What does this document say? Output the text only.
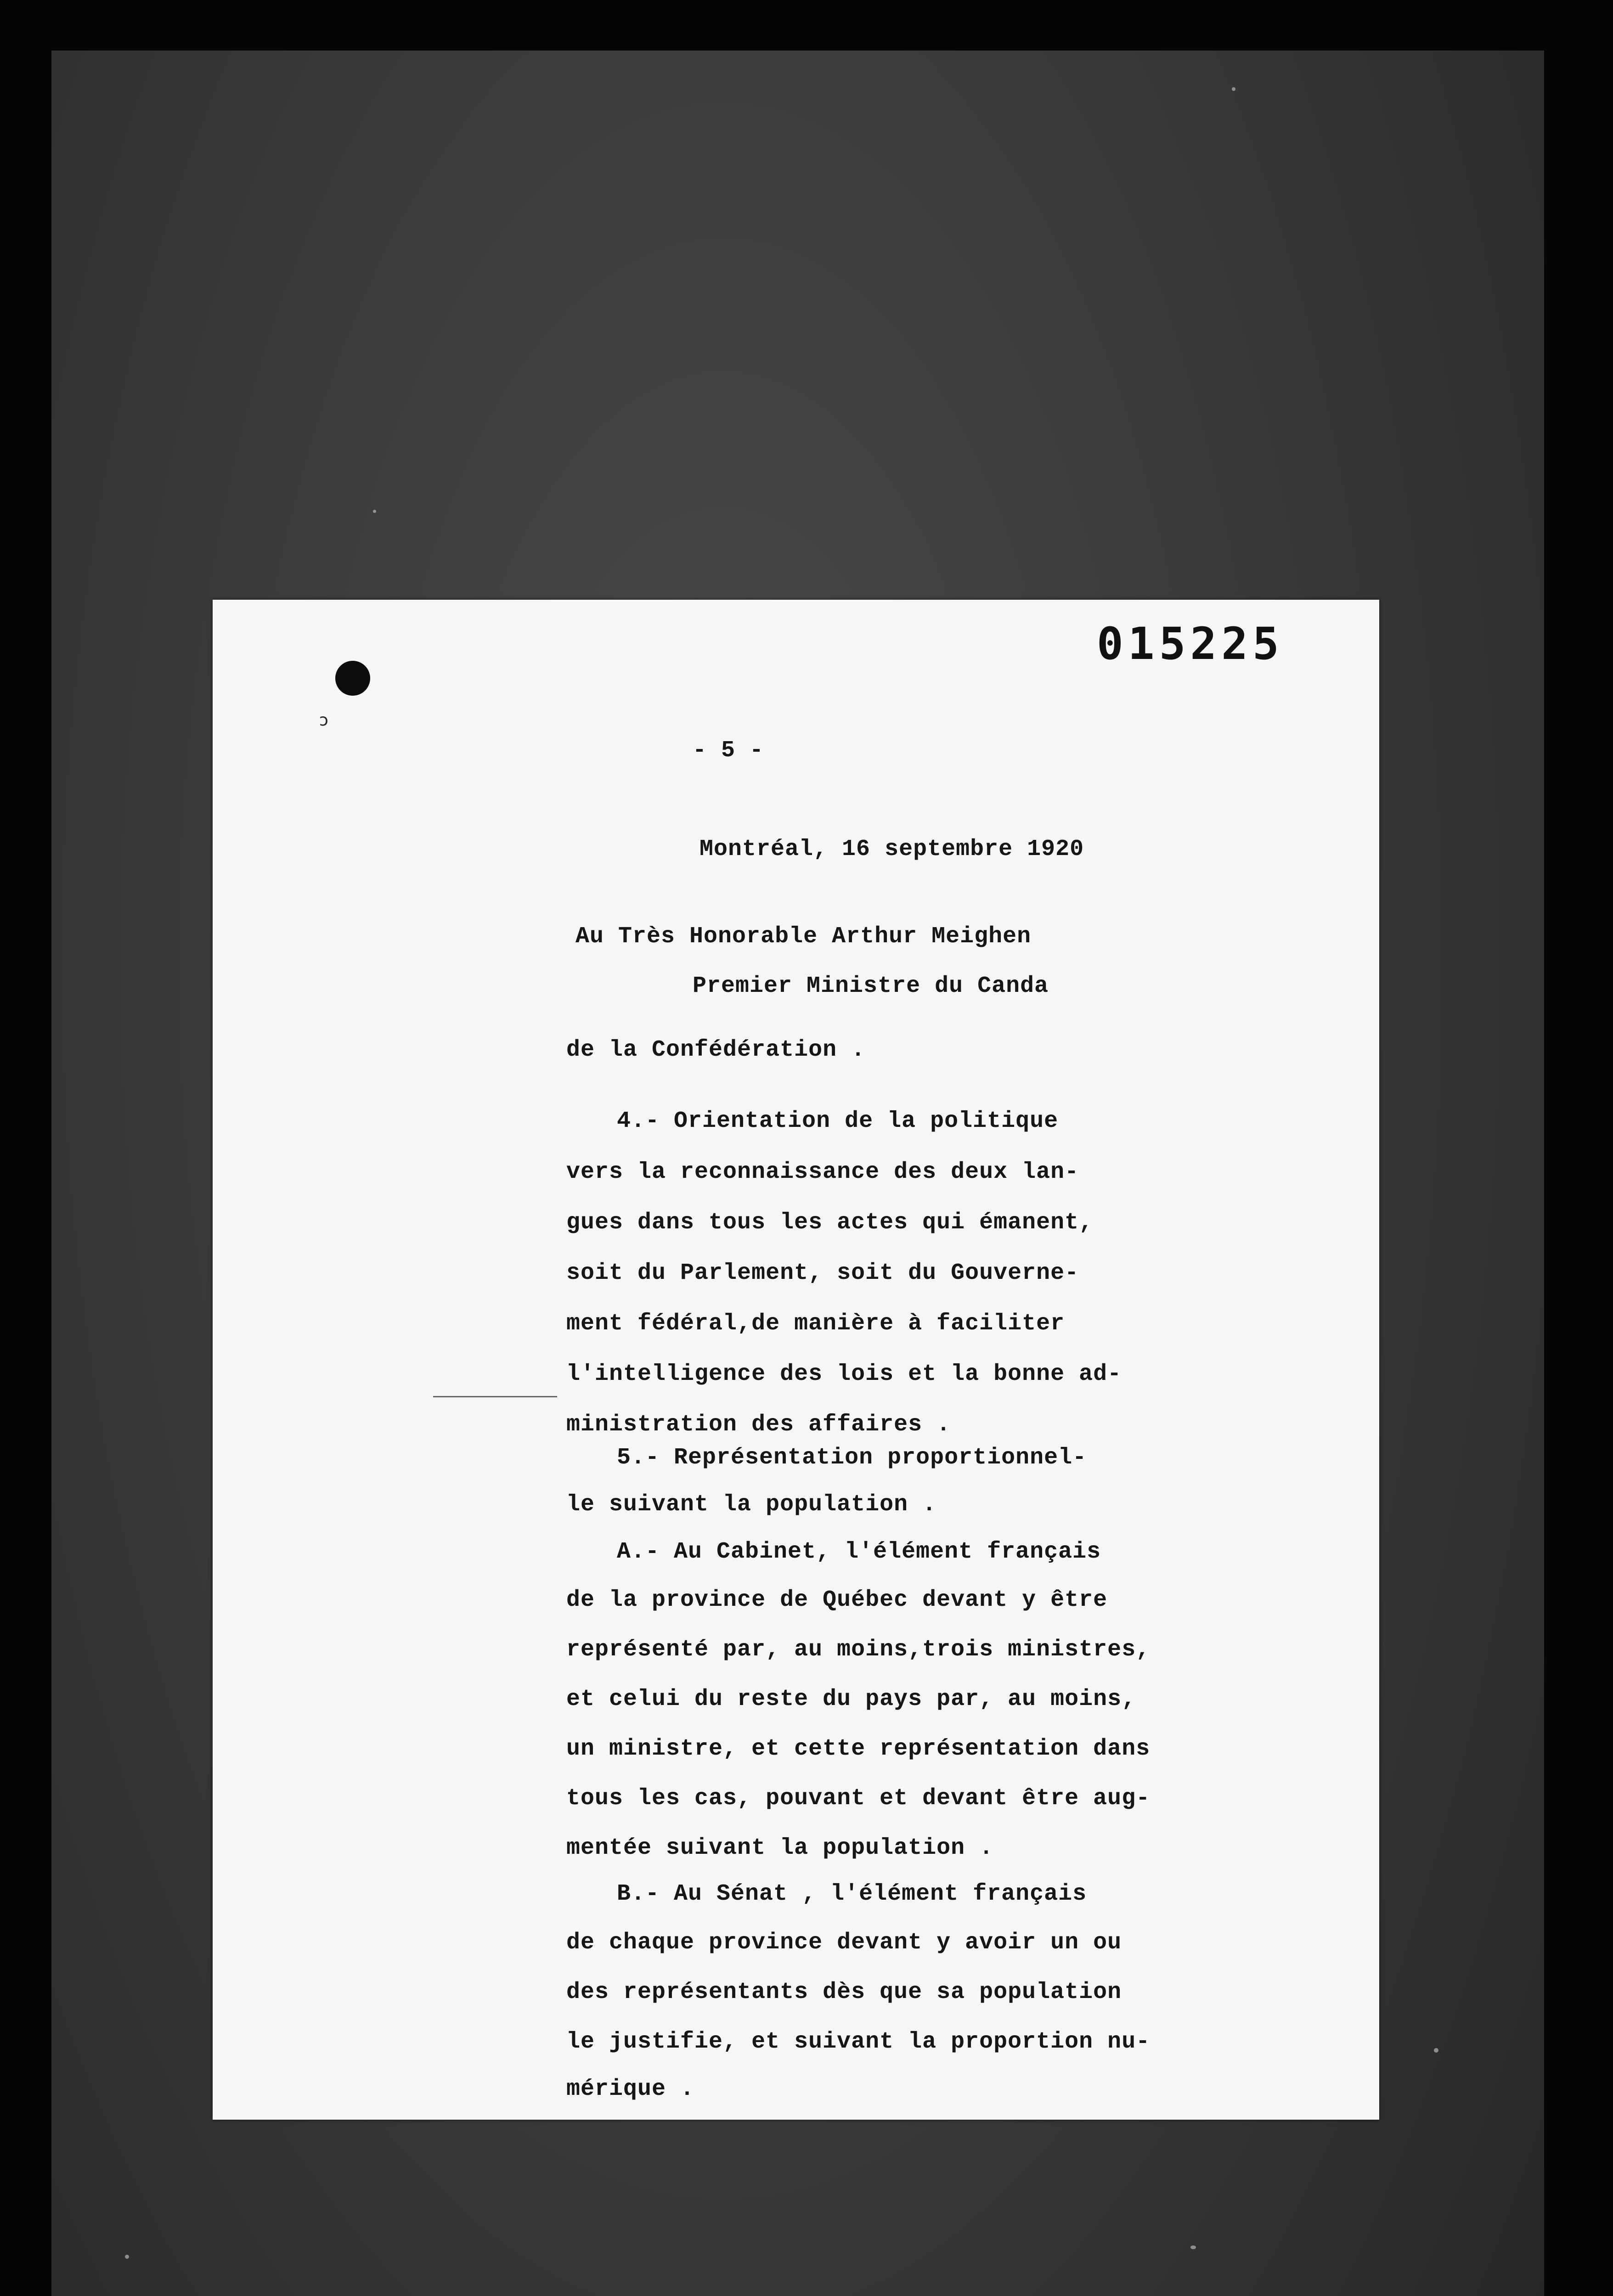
ↄ
015225
- 5 -
Montréal, 16 septembre 1920
Au Très Honorable Arthur Meighen
Premier Ministre du Canda
de la Confédération .
4.- Orientation de la politique
vers la reconnaissance des deux lan-
gues dans tous les actes qui émanent,
soit du Parlement, soit du Gouverne-
ment fédéral,de manière à faciliter
l'intelligence des lois et la bonne ad-
ministration des affaires .
5.- Représentation proportionnel-
le suivant la population .
A.- Au Cabinet, l'élément français
de la province de Québec devant y être
représenté par, au moins,trois ministres,
et celui du reste du pays par, au moins,
un ministre, et cette représentation dans
tous les cas, pouvant et devant être aug-
mentée suivant la population .
B.- Au Sénat , l'élément français
de chaque province devant y avoir un ou
des représentants dès que sa population
le justifie, et suivant la proportion nu-
mérique .
